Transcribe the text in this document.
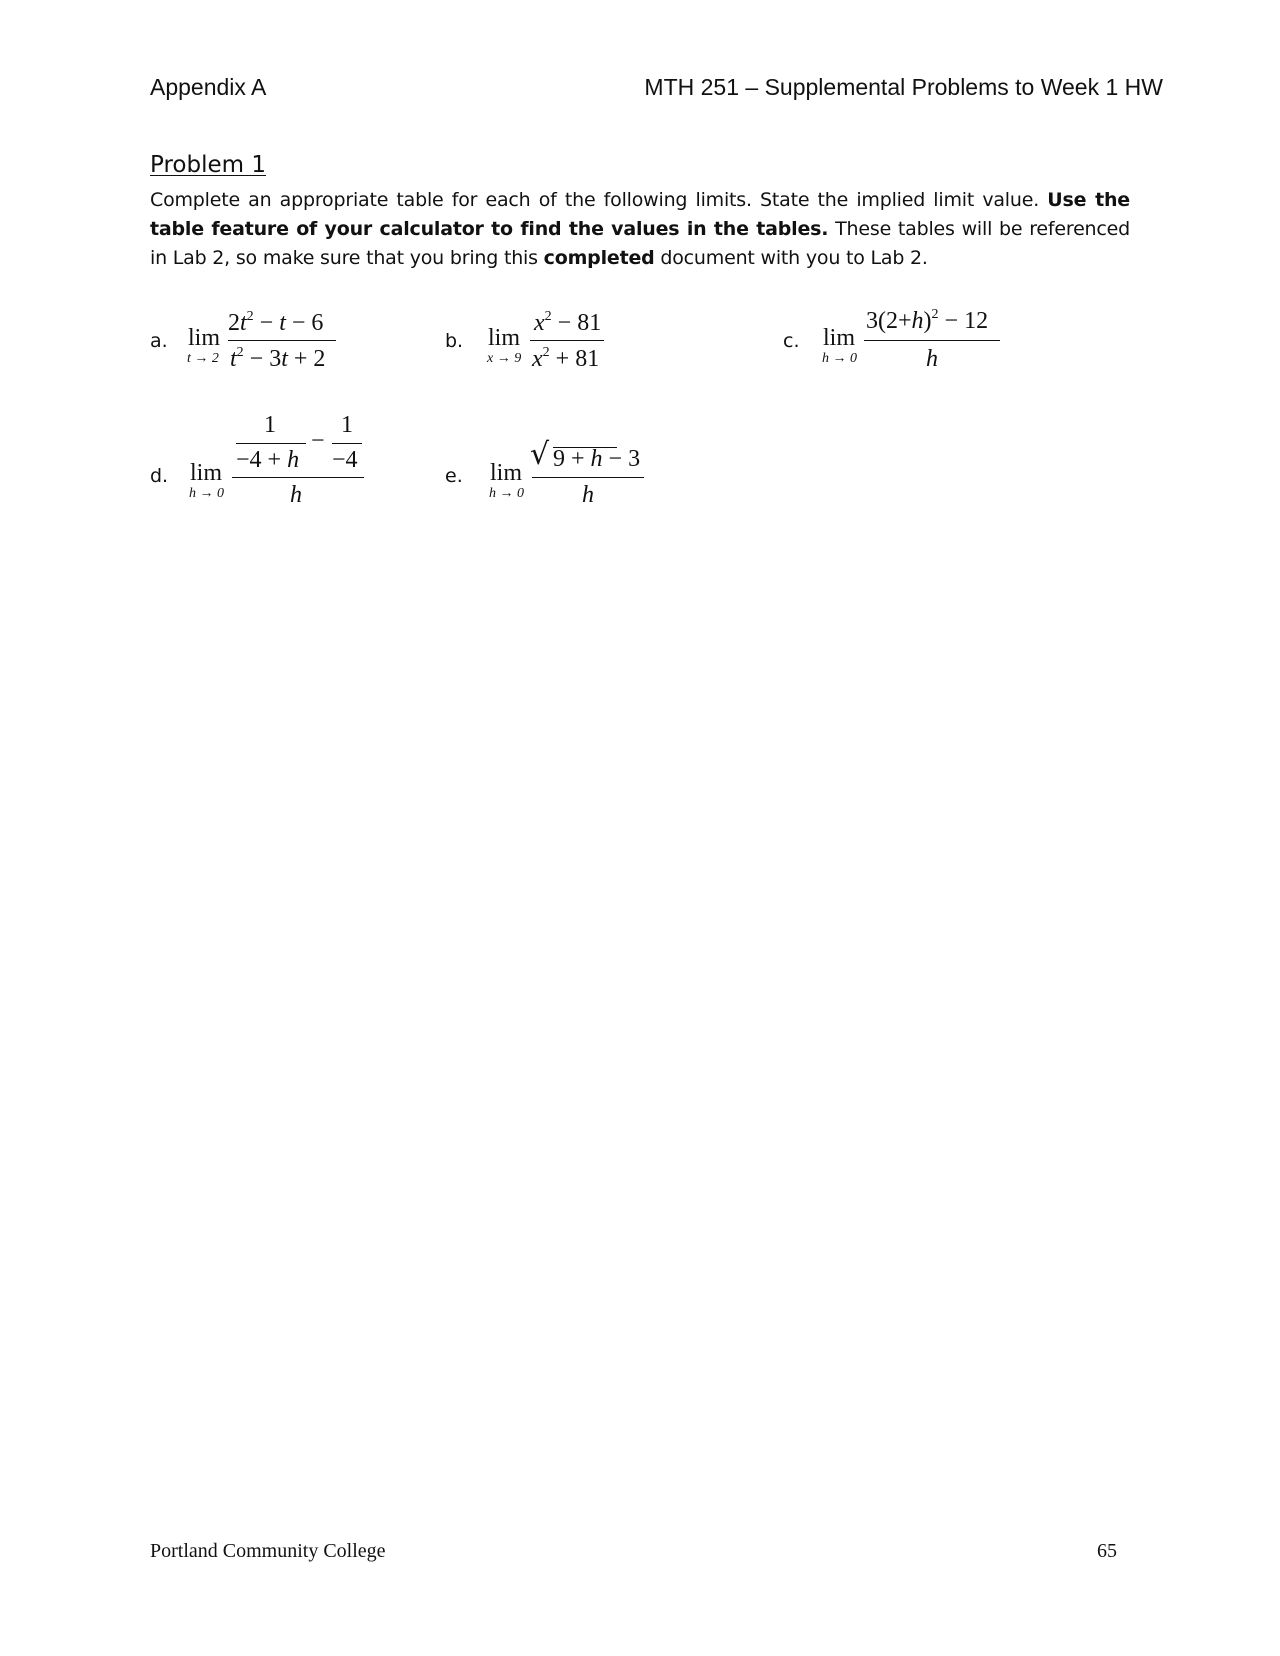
Appendix A	MTH 251 – Supplemental Problems to Week 1 HW
Problem 1
Complete an appropriate table for each of the following limits. State the implied limit value. Use the table feature of your calculator to find the values in the tables. These tables will be referenced in Lab 2, so make sure that you bring this completed document with you to Lab 2.
a. lim
t → 2
$2t^2 - t - 6$
$t^2 - 3t + 2$
b. lim
x → 9
$x^2 - 81$
$x^2 + 81$
c. lim
h → 0
$3(2+h)^2 - 12$
h
d. lim
h → 0
1
−4 + h
−
1
−4
h
e. lim
h → 0
√ 9 + h − 3
h
Portland Community College	65
